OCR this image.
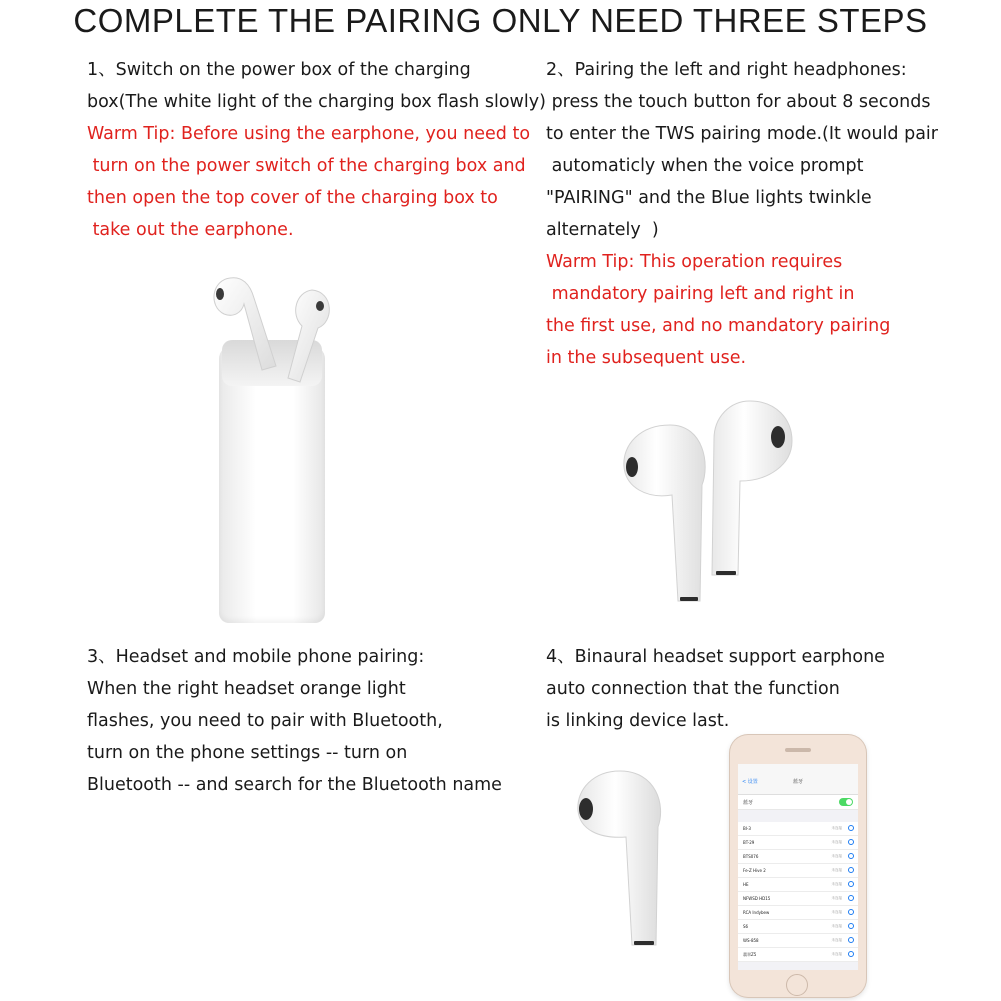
COMPLETE THE PAIRING ONLY NEED THREE STEPS
1、Switch on the power box of the charging
box(The white light of the charging box flash slowly)
Warm Tip: Before using the earphone, you need to
turn on the power switch of the charging box and
then open the top cover of the charging box to
take out the earphone.
2、Pairing the left and right headphones:
press the touch button for about 8 seconds
to enter the TWS pairing mode.(It would pair
automaticly when the voice prompt
"PAIRING" and the Blue lights twinkle
alternately  )
Warm Tip: This operation requires
mandatory pairing left and right in
the first use, and no mandatory pairing
in the subsequent use.
3、Headset and mobile phone pairing:
When the right headset orange light
flashes, you need to pair with Bluetooth,
turn on the phone settings -- turn on
Bluetooth -- and search for the Bluetooth name
4、Binaural headset support earphone
auto connection that the function
is linking device last.
< 设置	蓝牙
蓝牙
BI-3	未连接
BT-29	未连接
BTS076	未连接
Fe-Z Hive 2	未连接
HE	未连接
NFWSD HD15	未连接
RCA Indybew	未连接
S6	未连接
WS-858	未连接
翡翠Z5	未连接
